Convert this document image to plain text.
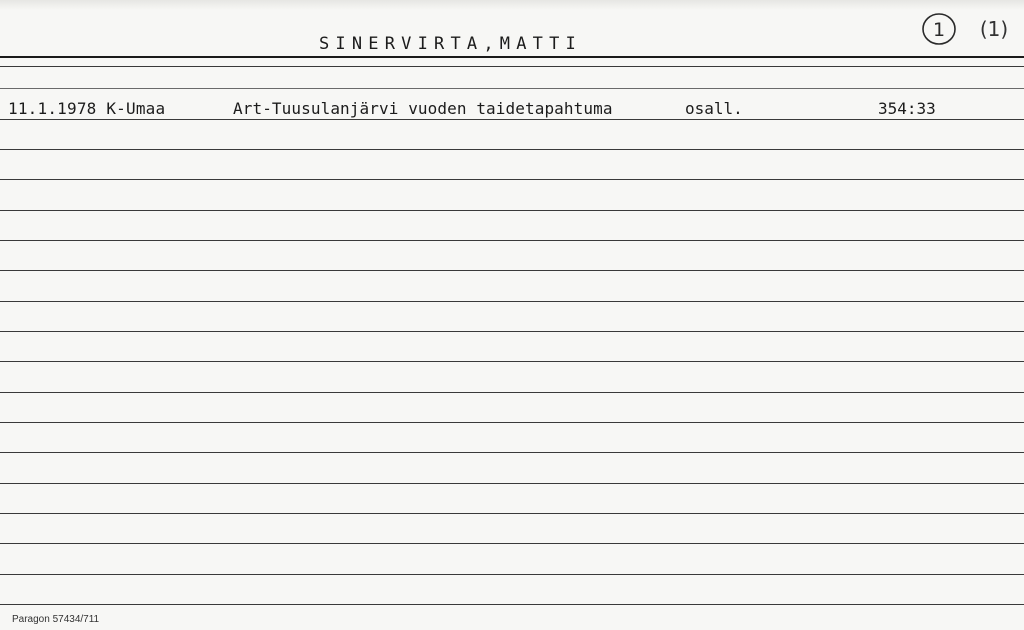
SINERVIRTA,MATTI
1 (1)
11.1.1978 K-Umaa	Art-Tuusulanjärvi vuoden taidetapahtuma	osall.	354:33
Paragon 57434/711
